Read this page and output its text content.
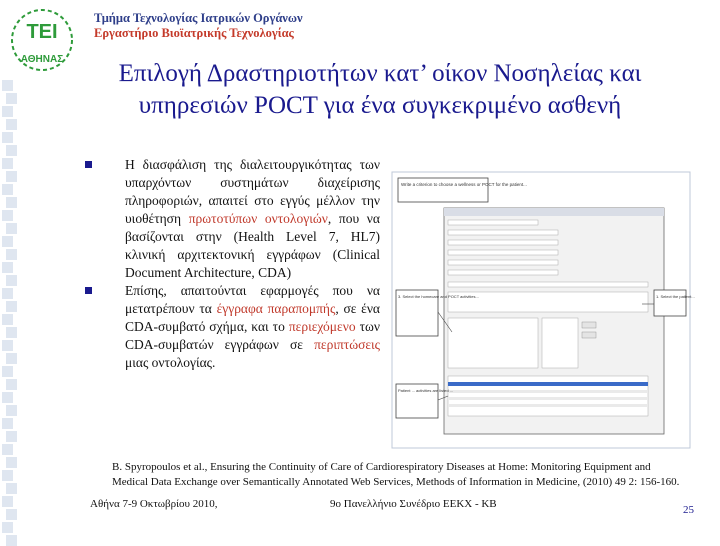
ΤΕΙ
ΑΘΗΝΑΣ
Τμήμα Τεχνολογίας Ιατρικών Οργάνων
Εργαστήριο Βιοϊατρικής Τεχνολογίας
Επιλογή Δραστηριοτήτων κατ’ οίκον Νοσηλείας και
υπηρεσιών POCT για ένα συγκεκριμένο ασθενή
Η διασφάλιση της διαλειτουργικότητας των υπαρχόντων συστημάτων διαχείρισης πληροφοριών, απαιτεί στο εγγύς μέλλον την υιοθέτηση πρωτοτύπων οντολογιών, που να βασίζονται στην (Health Level 7, HL7) κλινική αρχιτεκτονική εγγράφων (Clinical Document Architecture, CDA)
Επίσης, απαιτούνται εφαρμογές που να μετατρέπουν τα έγγραφα παραπομπής, σε ένα CDA-συμβατό σχήμα, και το περιεχόμενο των CDA-συμβατών εγγράφων σε περιπτώσεις μιας οντολογίας.
Write a criterion to choose a wellness or POCT for the patient...
3. Select the homecare and POCT activities...	1. Select the patient...
Patient ... activities are listed ...
B. Spyropoulos et al., Ensuring the Continuity of Care of Cardiorespiratory Diseases at Home: Monitoring Equipment and
Medical Data Exchange over Semantically Annotated Web Services, Methods of Information in Medicine, (2010) 49 2: 156-160.
Αθήνα 7-9 Οκτωβρίου 2010,	9ο Πανελλήνιο Συνέδριο ΕΕΚΧ - ΚΒ	25
